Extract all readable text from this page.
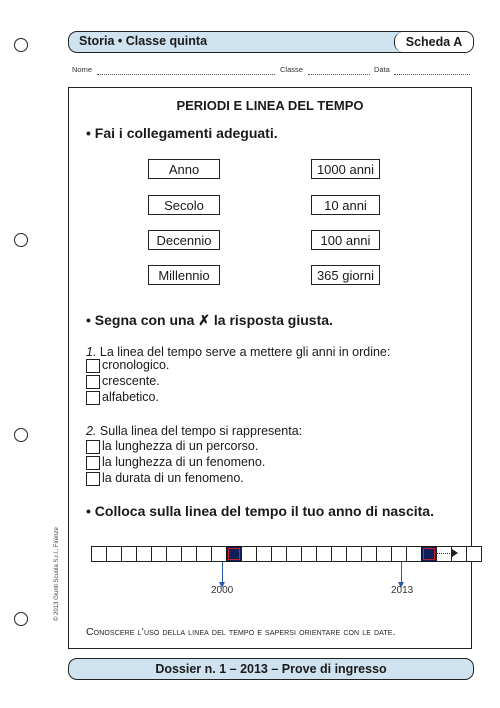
Storia • Classe quinta	Scheda A
Nome	Classe	Data
PERIODI E LINEA DEL TEMPO
• Fai i collegamenti adeguati.
Anno
Secolo
Decennio
Millennio
1000 anni
10 anni
100 anni
365 giorni
• Segna con una ✗ la risposta giusta.
1. La linea del tempo serve a mettere gli anni in ordine:
cronologico.
crescente.
alfabetico.
2. Sulla linea del tempo si rappresenta:
la lunghezza di un percorso.
la lunghezza di un fenomeno.
la durata di un fenomeno.
• Colloca sulla linea del tempo il tuo anno di nascita.
2000	2013
Conoscere l’uso della linea del tempo e sapersi orientare con le date.
© 2013 Giunti Scuola S.r.l., Firenze
Dossier n. 1 – 2013 – Prove di ingresso
